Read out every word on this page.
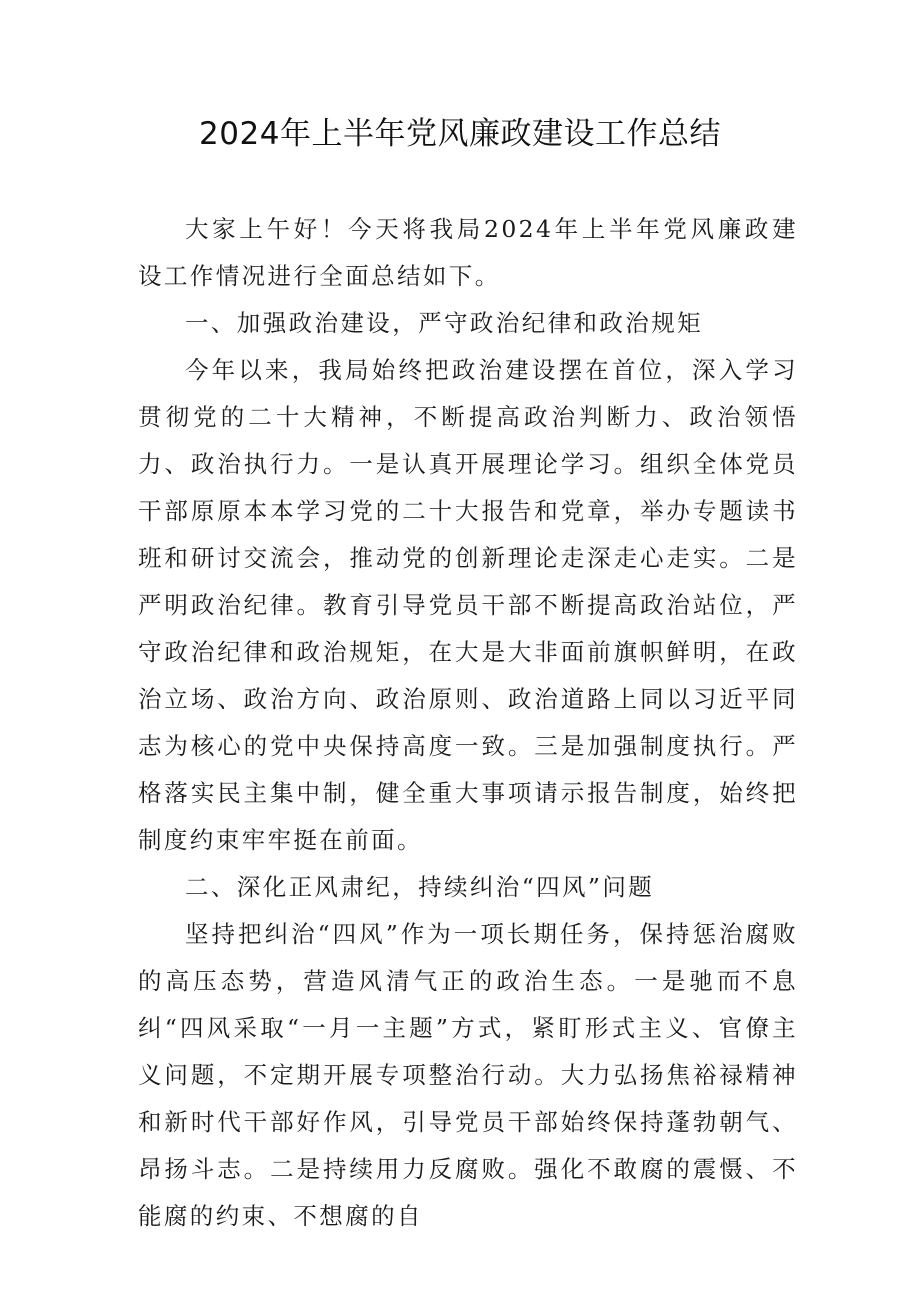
2024年上半年党风廉政建设工作总结

大家上午好！今天将我局2024年上半年党风廉政建设工作情况进行全面总结如下。

一、加强政治建设，严守政治纪律和政治规矩

今年以来，我局始终把政治建设摆在首位，深入学习贯彻党的二十大精神，不断提高政治判断力、政治领悟力、政治执行力。一是认真开展理论学习。组织全体党员干部原原本本学习党的二十大报告和党章，举办专题读书班和研讨交流会，推动党的创新理论走深走心走实。二是严明政治纪律。教育引导党员干部不断提高政治站位，严守政治纪律和政治规矩，在大是大非面前旗帜鲜明，在政治立场、政治方向、政治原则、政治道路上同以习近平同志为核心的党中央保持高度一致。三是加强制度执行。严格落实民主集中制，健全重大事项请示报告制度，始终把制度约束牢牢挺在前面。

二、深化正风肃纪，持续纠治“四风”问题

坚持把纠治“四风”作为一项长期任务，保持惩治腐败的高压态势，营造风清气正的政治生态。一是驰而不息纠“四风采取“一月一主题”方式，紧盯形式主义、官僚主义问题，不定期开展专项整治行动。大力弘扬焦裕禄精神和新时代干部好作风，引导党员干部始终保持蓬勃朝气、昂扬斗志。二是持续用力反腐败。强化不敢腐的震慑、不能腐的约束、不想腐的自
